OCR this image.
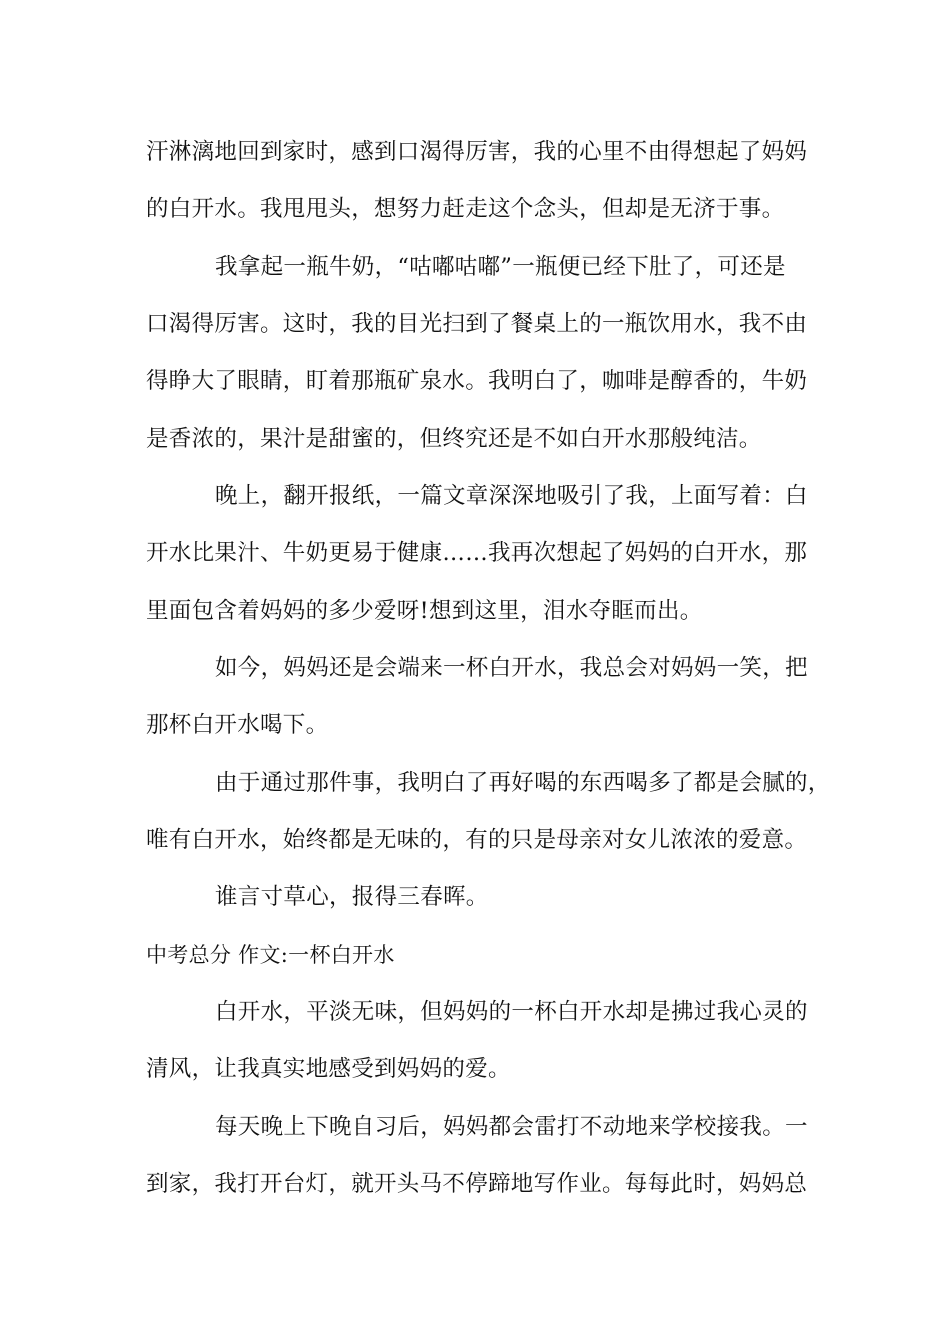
汗淋漓地回到家时，感到口渴得厉害，我的心里不由得想起了妈妈
的白开水。我甩甩头，想努力赶走这个念头，但却是无济于事。
我拿起一瓶牛奶，“咕嘟咕嘟”一瓶便已经下肚了，可还是
口渴得厉害。这时，我的目光扫到了餐桌上的一瓶饮用水，我不由
得睁大了眼睛，盯着那瓶矿泉水。我明白了，咖啡是醇香的，牛奶
是香浓的，果汁是甜蜜的，但终究还是不如白开水那般纯洁。
晚上，翻开报纸，一篇文章深深地吸引了我，上面写着：白
开水比果汁、牛奶更易于健康……我再次想起了妈妈的白开水，那
里面包含着妈妈的多少爱呀!想到这里，泪水夺眶而出。
如今，妈妈还是会端来一杯白开水，我总会对妈妈一笑，把
那杯白开水喝下。
由于通过那件事，我明白了再好喝的东西喝多了都是会腻的，
唯有白开水，始终都是无味的，有的只是母亲对女儿浓浓的爱意。
谁言寸草心，报得三春晖。
中考总分 作文:一杯白开水
白开水，平淡无味，但妈妈的一杯白开水却是拂过我心灵的
清风，让我真实地感受到妈妈的爱。
每天晚上下晚自习后，妈妈都会雷打不动地来学校接我。一
到家，我打开台灯，就开头马不停蹄地写作业。每每此时，妈妈总
